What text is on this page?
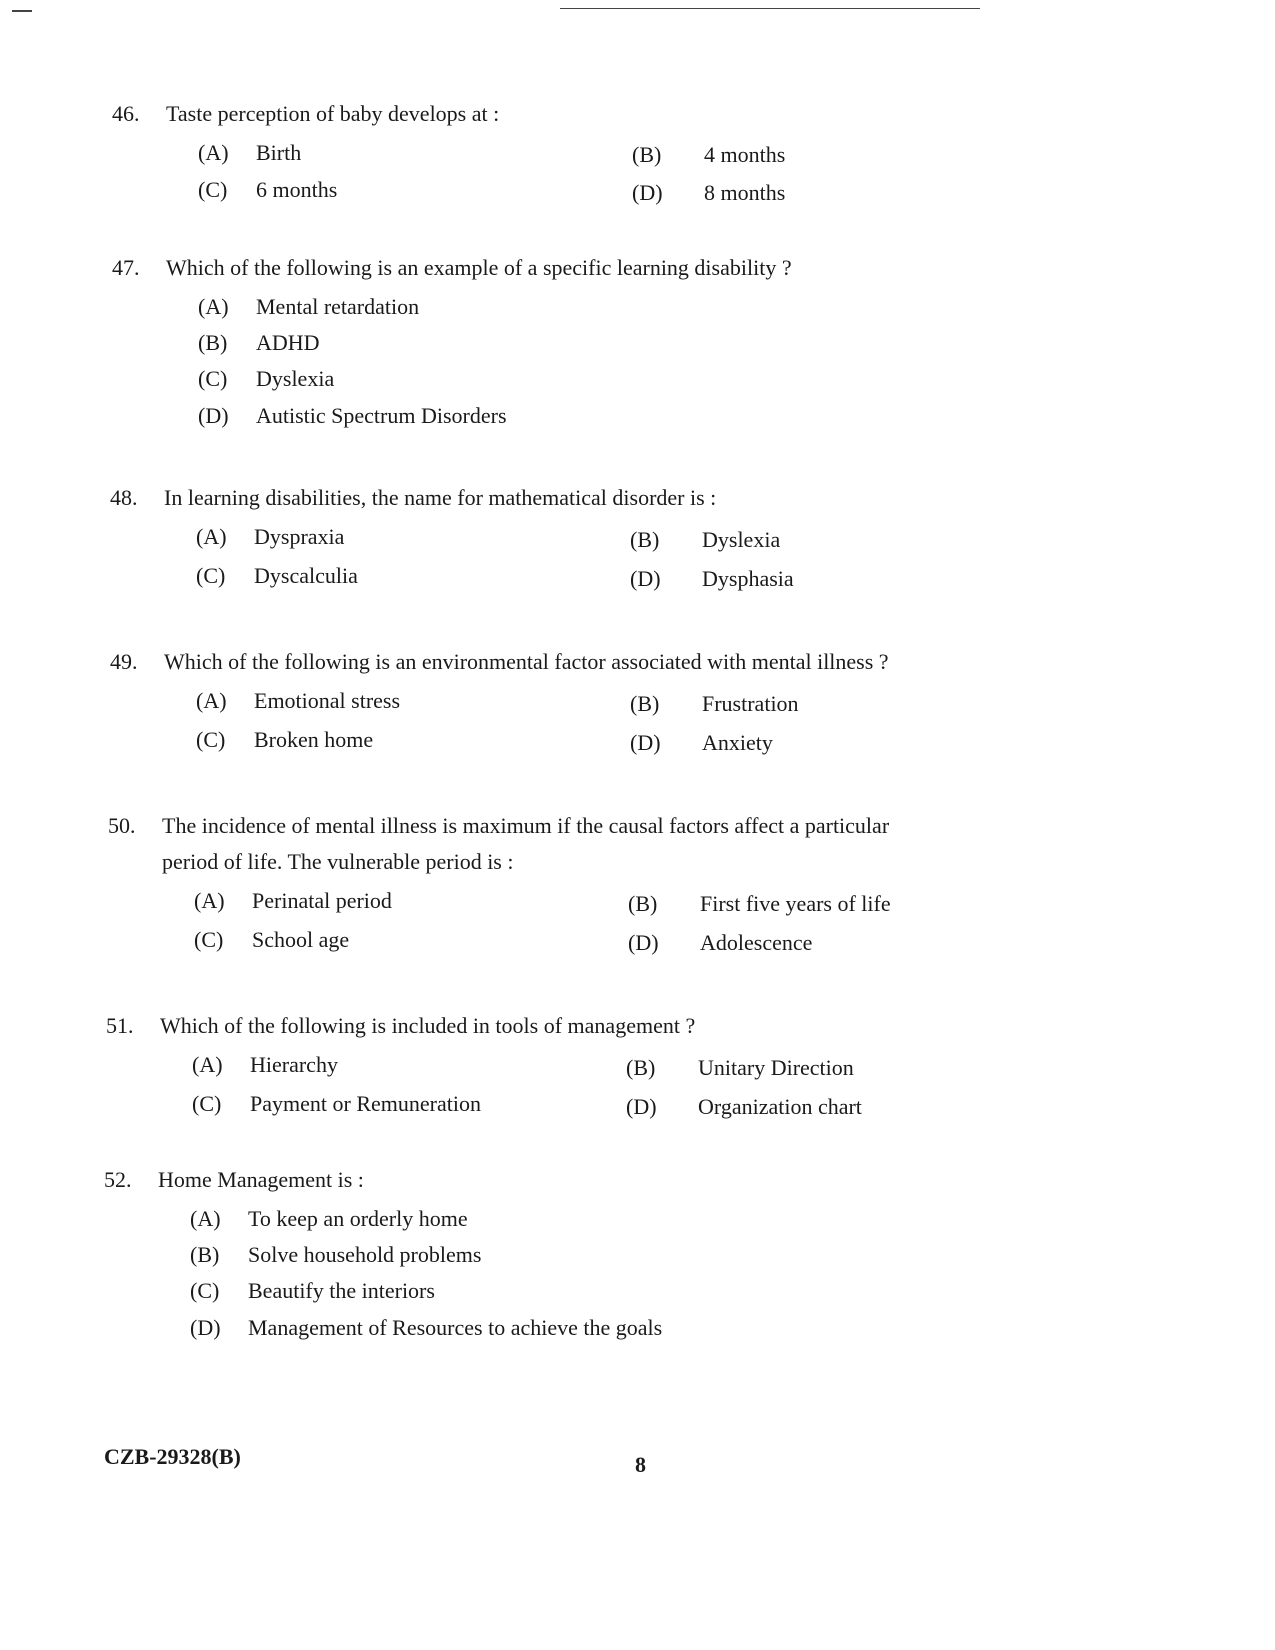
46. Taste perception of baby develops at :
(A) Birth	(B) 4 months
(C) 6 months	(D) 8 months
47. Which of the following is an example of a specific learning disability ?
(A) Mental retardation
(B) ADHD
(C) Dyslexia
(D) Autistic Spectrum Disorders
48. In learning disabilities, the name for mathematical disorder is :
(A) Dyspraxia	(B) Dyslexia
(C) Dyscalculia	(D) Dysphasia
49. Which of the following is an environmental factor associated with mental illness ?
(A) Emotional stress	(B) Frustration
(C) Broken home	(D) Anxiety
50. The incidence of mental illness is maximum if the causal factors affect a particular
period of life. The vulnerable period is :
(A) Perinatal period	(B) First five years of life
(C) School age	(D) Adolescence
51. Which of the following is included in tools of management ?
(A) Hierarchy	(B) Unitary Direction
(C) Payment or Remuneration	(D) Organization chart
52. Home Management is :
(A) To keep an orderly home
(B) Solve household problems
(C) Beautify the interiors
(D) Management of Resources to achieve the goals
CZB-29328(B)	8
